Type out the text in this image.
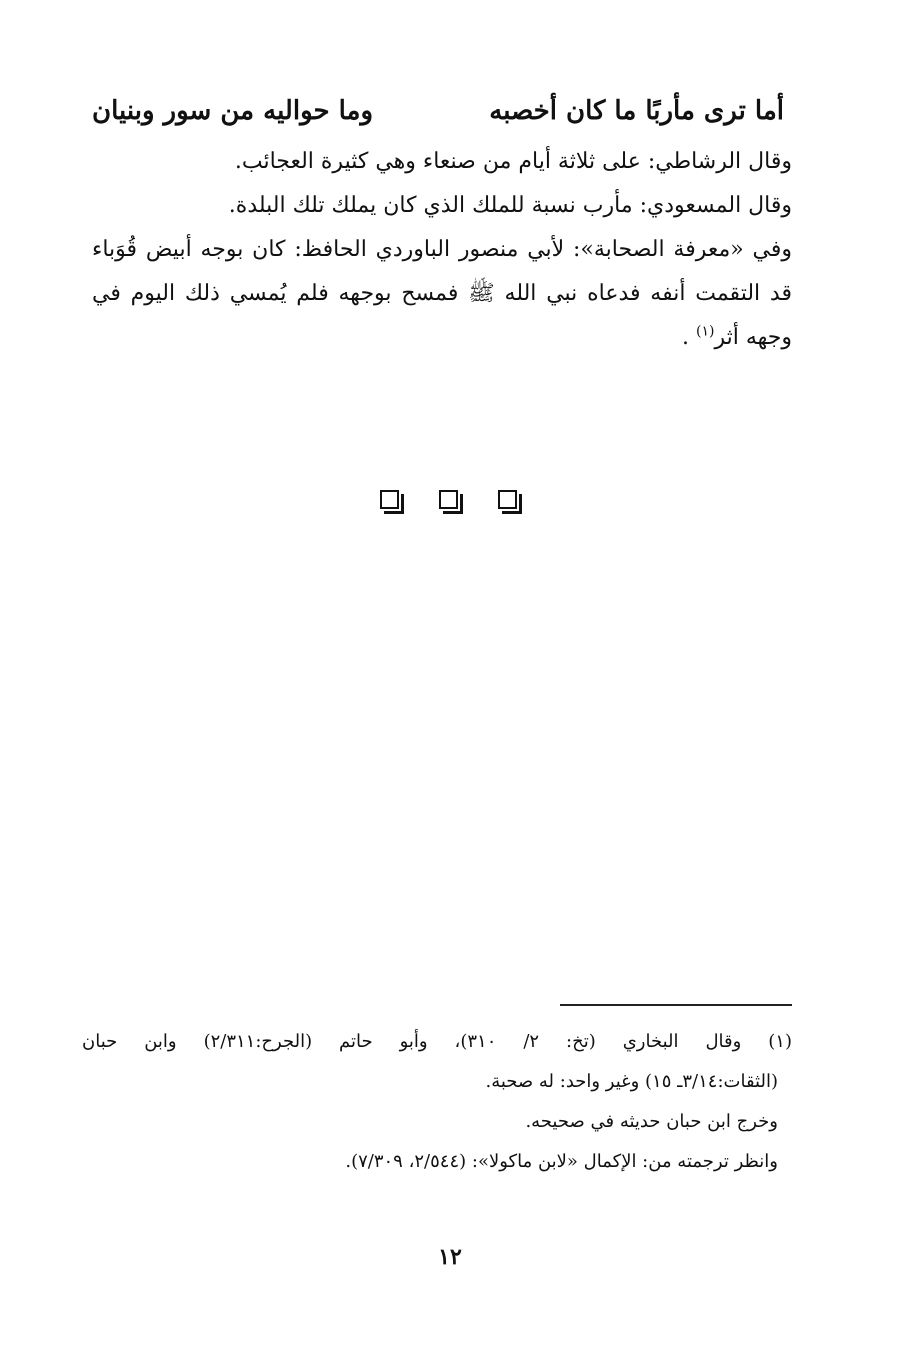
أما ترى مأربًا ما كان أخصبه
وما حواليه من سور وبنيان

وقال الرشاطي: على ثلاثة أيام من صنعاء وهي كثيرة العجائب.

وقال المسعودي: مأرب نسبة للملك الذي كان يملك تلك البلدة.

وفي «معرفة الصحابة»: لأبي منصور الباوردي الحافظ: كان بوجه أبيض قُوَباء قد التقمت أنفه فدعاه نبي الله ﷺ فمسح بوجهه فلم يُمسي ذلك اليوم في وجهه أثر$^{(١)}$ .

(١) وقال البخاري (تخ: ٢/ ٣١٠)، وأبو حاتم (الجرح:٢/٣١١) وابن حبان

(الثقات:٣/١٤ـ ١٥) وغير واحد: له صحبة.

وخرج ابن حبان حديثه في صحيحه.

وانظر ترجمته من: الإكمال «لابن ماكولا»: (٢/٥٤٤، ٧/٣٠٩).

١٢
